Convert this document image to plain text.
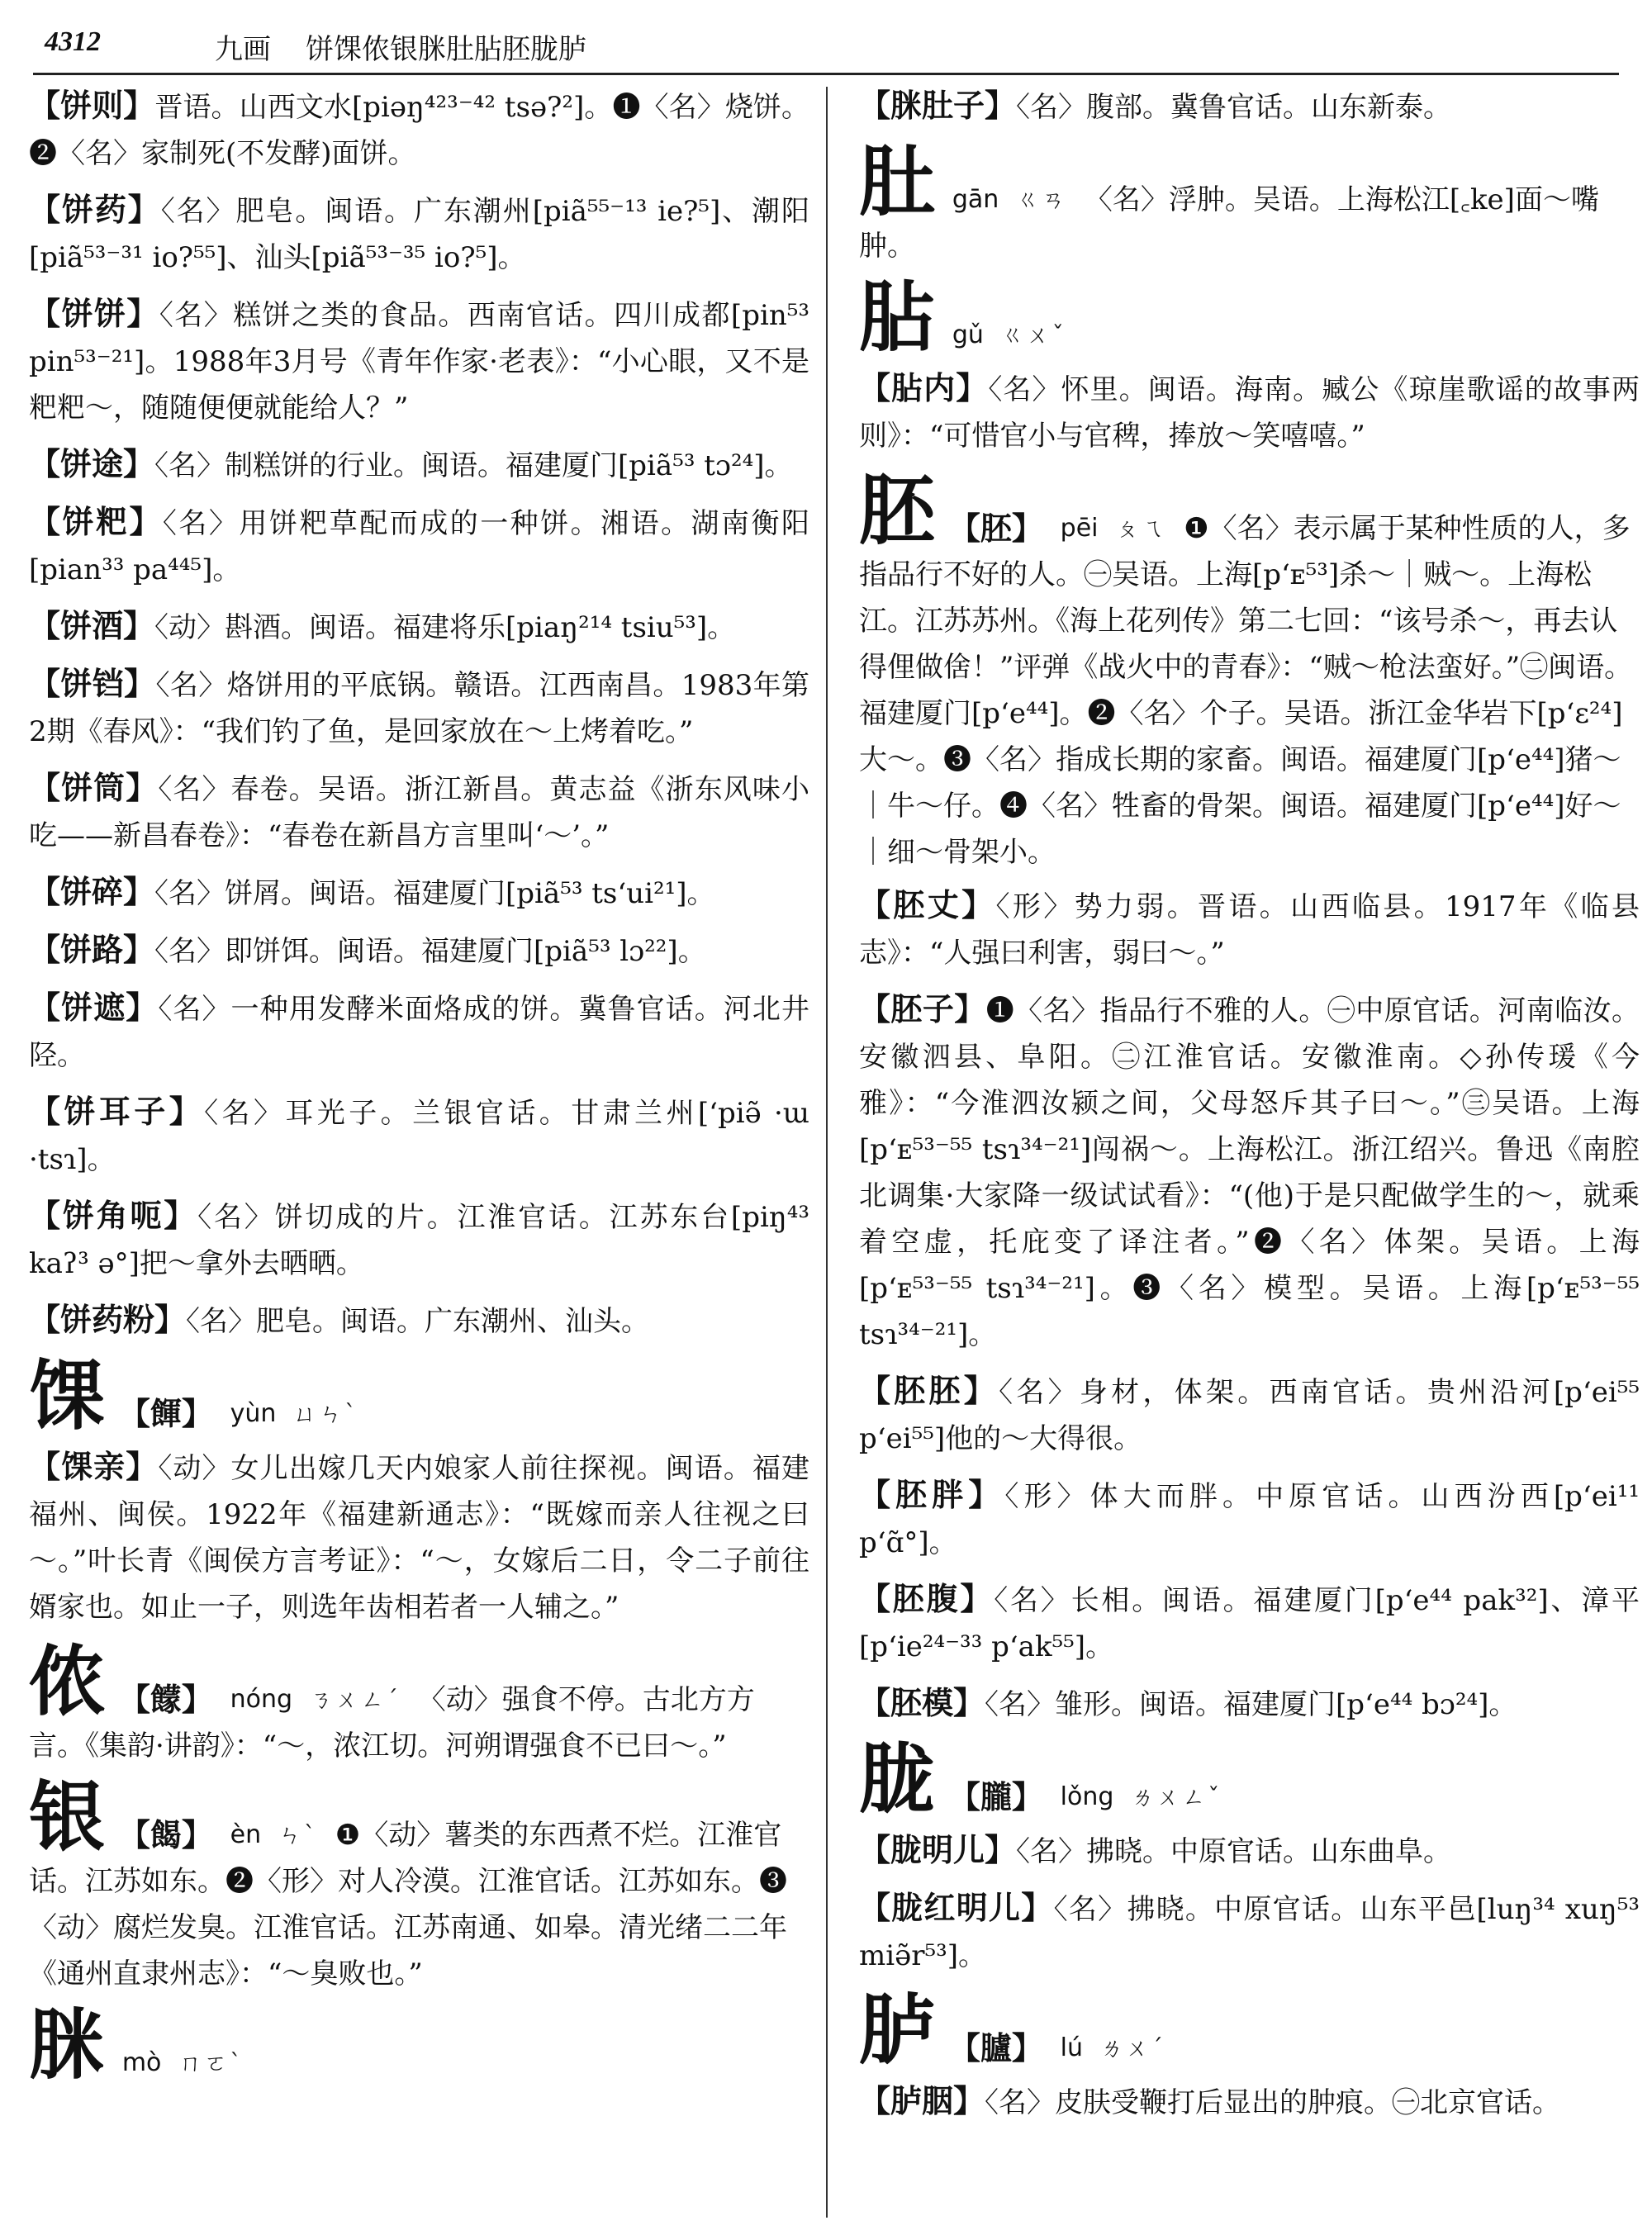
4312	九画 饼馃侬银脒肚胋胚胧胪
【饼则】晋语。山西文水[piəŋ⁴²³⁻⁴² tsə?²]。❶〈名〉烧饼。❷〈名〉家制死(不发酵)面饼。
【饼药】〈名〉肥皂。闽语。广东潮州[piã⁵⁵⁻¹³ ie?⁵]、潮阳[piã⁵³⁻³¹ io?⁵⁵]、汕头[piã⁵³⁻³⁵ io?⁵]。
【饼饼】〈名〉糕饼之类的食品。西南官话。四川成都[pin⁵³ pin⁵³⁻²¹]。1988年3月号《青年作家·老表》：“小心眼，又不是粑粑～，随随便便就能给人？”
【饼途】〈名〉制糕饼的行业。闽语。福建厦门[piã⁵³ tɔ²⁴]。
【饼粑】〈名〉用饼粑草配而成的一种饼。湘语。湖南衡阳[pian³³ pa⁴⁴⁵]。
【饼酒】〈动〉斟酒。闽语。福建将乐[piaŋ²¹⁴ tsiu⁵³]。
【饼铛】〈名〉烙饼用的平底锅。赣语。江西南昌。1983年第2期《春风》：“我们钓了鱼，是回家放在～上烤着吃。”
【饼筒】〈名〉春卷。吴语。浙江新昌。黄志益《浙东风味小吃——新昌春卷》：“春卷在新昌方言里叫‘～’。”
【饼碎】〈名〉饼屑。闽语。福建厦门[piã⁵³ ts‘ui²¹]。
【饼路】〈名〉即饼饵。闽语。福建厦门[piã⁵³ lɔ²²]。
【饼遮】〈名〉一种用发酵米面烙成的饼。冀鲁官话。河北井陉。
【饼耳子】〈名〉耳光子。兰银官话。甘肃兰州[‘piə̃ ·ɯ ·tsɿ]。
【饼角呃】〈名〉饼切成的片。江淮官话。江苏东台[piŋ⁴³ kaʔ³ ə°]把～拿外去晒晒。
【饼药粉】〈名〉肥皂。闽语。广东潮州、汕头。
馃 【餫】 yùn ㄩㄣˋ
【馃亲】〈动〉女儿出嫁几天内娘家人前往探视。闽语。福建福州、闽侯。1922年《福建新通志》：“既嫁而亲人往视之曰～。”叶长青《闽侯方言考证》：“～，女嫁后二日，令二子前往婿家也。如止一子，则选年齿相若者一人辅之。”
侬 【饛】 nóng ㄋㄨㄥˊ 〈动〉强食不停。古北方方言。《集韵·讲韵》：“～，浓江切。河朔谓强食不已曰～。”
银 【餲】 èn ㄣˋ ❶〈动〉薯类的东西煮不烂。江淮官话。江苏如东。❷〈形〉对人冷漠。江淮官话。江苏如东。❸〈动〉腐烂发臭。江淮官话。江苏南通、如皋。清光绪二二年《通州直隶州志》：“～臭败也。”
脒 mò ㄇㄛˋ
【脒肚子】〈名〉腹部。冀鲁官话。山东新泰。
肚 gān ㄍㄢ 〈名〉浮肿。吴语。上海松江[꜀ke]面～嘴肿。
胋 gǔ ㄍㄨˇ
【胋内】〈名〉怀里。闽语。海南。臧公《琼崖歌谣的故事两则》：“可惜官小与官稗，捧放～笑嘻嘻。”
胚 【胚】 pēi ㄆㄟ ❶〈名〉表示属于某种性质的人，多指品行不好的人。㊀吴语。上海[p‘ᴇ⁵³]杀～｜贼～。上海松江。江苏苏州。《海上花列传》第二七回：“该号杀～，再去认得俚做倽！”评弹《战火中的青春》：“贼～枪法蛮好。”㊁闽语。福建厦门[p‘e⁴⁴]。❷〈名〉个子。吴语。浙江金华岩下[p‘ɛ²⁴]大～。❸〈名〉指成长期的家畜。闽语。福建厦门[p‘e⁴⁴]猪～｜牛～仔。❹〈名〉牲畜的骨架。闽语。福建厦门[p‘e⁴⁴]好～｜细～骨架小。
【胚丈】〈形〉势力弱。晋语。山西临县。1917年《临县志》：“人强曰利害，弱曰～。”
【胚子】❶〈名〉指品行不雅的人。㊀中原官话。河南临汝。安徽泗县、阜阳。㊁江淮官话。安徽淮南。◇孙传瑗《今雅》：“今淮泗汝颍之间，父母怒斥其子曰～。”㊂吴语。上海[p‘ᴇ⁵³⁻⁵⁵ tsɿ³⁴⁻²¹]闯祸～。上海松江。浙江绍兴。鲁迅《南腔北调集·大家降一级试试看》：“(他)于是只配做学生的～，就乘着空虚，托庇变了译注者。”❷〈名〉体架。吴语。上海[p‘ᴇ⁵³⁻⁵⁵ tsɿ³⁴⁻²¹]。❸〈名〉模型。吴语。上海[p‘ᴇ⁵³⁻⁵⁵ tsɿ³⁴⁻²¹]。
【胚胚】〈名〉身材，体架。西南官话。贵州沿河[p‘ei⁵⁵ p‘ei⁵⁵]他的～大得很。
【胚胖】〈形〉体大而胖。中原官话。山西汾西[p‘ei¹¹ p‘ɑ̃°]。
【胚腹】〈名〉长相。闽语。福建厦门[p‘e⁴⁴ pak³²]、漳平[p‘ie²⁴⁻³³ p‘ak⁵⁵]。
【胚模】〈名〉雏形。闽语。福建厦门[p‘e⁴⁴ bɔ²⁴]。
胧 【朧】 lǒng ㄌㄨㄥˇ
【胧明儿】〈名〉拂晓。中原官话。山东曲阜。
【胧红明儿】〈名〉拂晓。中原官话。山东平邑[luŋ³⁴ xuŋ⁵³ miə̃r⁵³]。
胪 【臚】 lú ㄌㄨˊ
【胪胭】〈名〉皮肤受鞭打后显出的肿痕。㊀北京官话。
